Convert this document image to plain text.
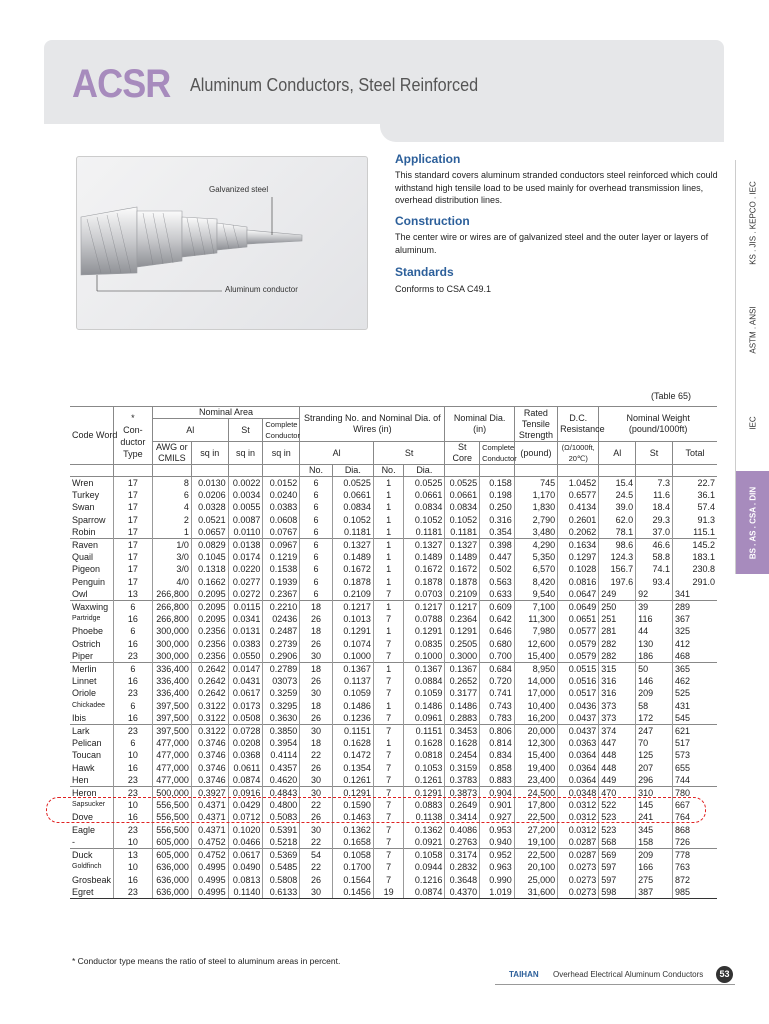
ACSR Aluminum Conductors, Steel Reinforced
Galvanized steel
Aluminum conductor
Application
This standard covers aluminum stranded conductors steel reinforced which could withstand high tensile load to be used mainly for overhead transmission lines, overhead distribution lines.
Construction
The center wire or wires are of galvanized steel and the outer layer or layers of aluminum.
Standards
Conforms to CSA C49.1
KS . JIS . KEPCO . IEC
ASTM . ANSI
IEC
BS . AS . CSA . DIN
(Table 65)
Code Word	*
Con- ductor Type	Nominal Area				Stranding No. and Nominal Dia. of Wires (in)				Nominal Dia. (in)		Rated Tensile Strength	D.C. Resistance	Nominal Weight (pound/1000ft)		
		Al		St	Complete Conductor											
		AWG or CMILS	sq in	sq in	sq in					St Core	Complete Conductor		(Ω/1000ft, 20℃)	Al	St	Total
						Al		St				(pound)				
						No.	Dia.	No.	Dia.							
Wren	17	8	0.0130	0.0022	0.0152	6	0.0525	1	0.0525	0.0525	0.158	745	1.0452	15.4	7.3	22.7
Turkey	17	6	0.0206	0.0034	0.0240	6	0.0661	1	0.0661	0.0661	0.198	1,170	0.6577	24.5	11.6	36.1
Swan	17	4	0.0328	0.0055	0.0383	6	0.0834	1	0.0834	0.0834	0.250	1,830	0.4134	39.0	18.4	57.4
Sparrow	17	2	0.0521	0.0087	0.0608	6	0.1052	1	0.1052	0.1052	0.316	2,790	0.2601	62.0	29.3	91.3
Robin	17	1	0.0657	0.0110	0.0767	6	0.1181	1	0.1181	0.1181	0.354	3,480	0.2062	78.1	37.0	115.1
Raven	17	1/0	0.0829	0.0138	0.0967	6	0.1327	1	0.1327	0.1327	0.398	4,290	0.1634	98.6	46.6	145.2
Quail	17	3/0	0.1045	0.0174	0.1219	6	0.1489	1	0.1489	0.1489	0.447	5,350	0.1297	124.3	58.8	183.1
Pigeon	17	3/0	0.1318	0.0220	0.1538	6	0.1672	1	0.1672	0.1672	0.502	6,570	0.1028	156.7	74.1	230.8
Penguin	17	4/0	0.1662	0.0277	0.1939	6	0.1878	1	0.1878	0.1878	0.563	8,420	0.0816	197.6	93.4	291.0
Owl	13	266,800	0.2095	0.0272	0.2367	6	0.2109	7	0.0703	0.2109	0.633	9,540	0.0647	249	92	341
Waxwing	6	266,800	0.2095	0.0115	0.2210	18	0.1217	1	0.1217	0.1217	0.609	7,100	0.0649	250	39	289
Partridge	16	266,800	0.2095	0.0341	02436	26	0.1013	7	0.0788	0.2364	0.642	11,300	0.0651	251	116	367
Phoebe	6	300,000	0.2356	0.0131	0.2487	18	0.1291	1	0.1291	0.1291	0.646	7,980	0.0577	281	44	325
Ostrich	16	300,000	0.2356	0.0383	0.2739	26	0.1074	7	0.0835	0.2505	0.680	12,600	0.0579	282	130	412
Piper	23	300,000	0.2356	0.0550	0.2906	30	0.1000	7	0.1000	0.3000	0.700	15,400	0.0579	282	186	468
Merlin	6	336,400	0.2642	0.0147	0.2789	18	0.1367	1	0.1367	0.1367	0.684	8,950	0.0515	315	50	365
Linnet	16	336,400	0.2642	0.0431	03073	26	0.1137	7	0.0884	0.2652	0.720	14,000	0.0516	316	146	462
Oriole	23	336,400	0.2642	0.0617	0.3259	30	0.1059	7	0.1059	0.3177	0.741	17,000	0.0517	316	209	525
Chickadee	6	397,500	0.3122	0.0173	0.3295	18	0.1486	1	0.1486	0.1486	0.743	10,400	0.0436	373	58	431
Ibis	16	397,500	0.3122	0.0508	0.3630	26	0.1236	7	0.0961	0.2883	0.783	16,200	0.0437	373	172	545
Lark	23	397,500	0.3122	0.0728	0.3850	30	0.1151	7	0.1151	0.3453	0.806	20,000	0.0437	374	247	621
Pelican	6	477,000	0.3746	0.0208	0.3954	18	0.1628	1	0.1628	0.1628	0.814	12,300	0.0363	447	70	517
Toucan	10	477,000	0.3746	0.0368	0.4114	22	0.1472	7	0.0818	0.2454	0.834	15,400	0.0364	448	125	573
Hawk	16	477,000	0.3746	0.0611	0.4357	26	0.1354	7	0.1053	0.3159	0.858	19,400	0.0364	448	207	655
Hen	23	477,000	0.3746	0.0874	0.4620	30	0.1261	7	0.1261	0.3783	0.883	23,400	0.0364	449	296	744
Heron	23	500,000	0.3927	0.0916	0.4843	30	0.1291	7	0.1291	0.3873	0.904	24,500	0.0348	470	310	780
Sapsucker	10	556,500	0.4371	0.0429	0.4800	22	0.1590	7	0.0883	0.2649	0.901	17,800	0.0312	522	145	667
Dove	16	556,500	0.4371	0.0712	0.5083	26	0.1463	7	0.1138	0.3414	0.927	22,500	0.0312	523	241	764
Eagle	23	556,500	0.4371	0.1020	0.5391	30	0.1362	7	0.1362	0.4086	0.953	27,200	0.0312	523	345	868
-	10	605,000	0.4752	0.0466	0.5218	22	0.1658	7	0.0921	0.2763	0.940	19,100	0.0287	568	158	726
Duck	13	605,000	0.4752	0.0617	0.5369	54	0.1058	7	0.1058	0.3174	0.952	22,500	0.0287	569	209	778
Goldfinch	10	636,000	0.4995	0.0490	0.5485	22	0.1700	7	0.0944	0.2832	0.963	20,100	0.0273	597	166	763
Grosbeak	16	636,000	0.4995	0.0813	0.5808	26	0.1564	7	0.1216	0.3648	0.990	25,000	0.0273	597	275	872
Egret	23	636,000	0.4995	0.1140	0.6133	30	0.1456	19	0.0874	0.4370	1.019	31,600	0.0273	598	387	985
* Conductor type means the ratio of steel to aluminum areas in percent.
TAIHAN Overhead Electrical Aluminum Conductors	53
